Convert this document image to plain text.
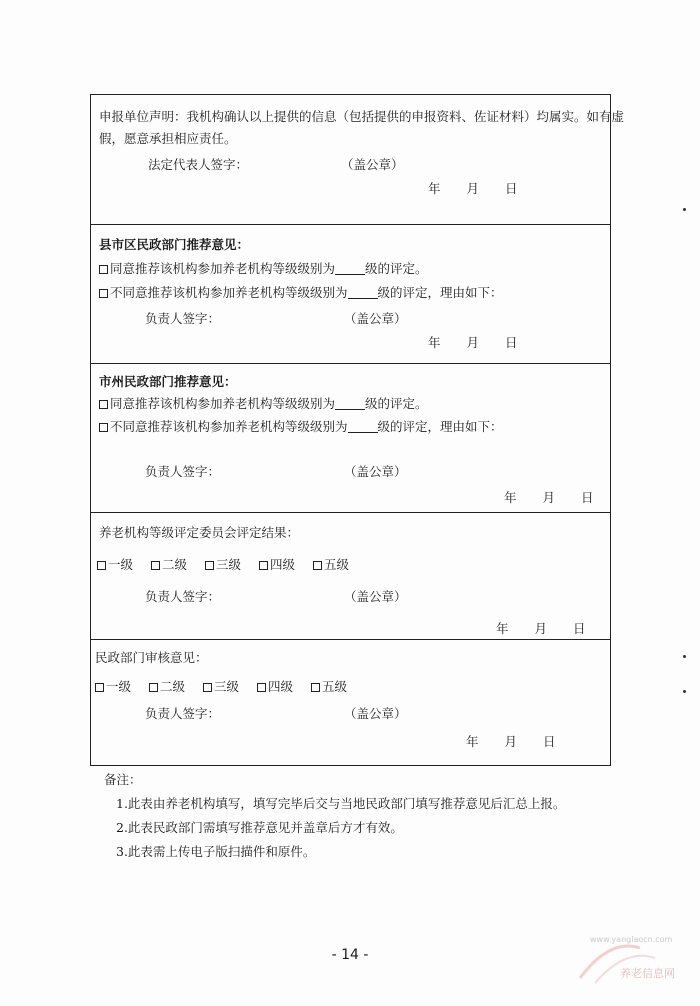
申报单位声明：我机构确认以上提供的信息（包括提供的申报资料、佐证材料）均属实。如有虚
假，愿意承担相应责任。
法定代表人签字：	（盖公章）
年 月 日
县市区民政部门推荐意见：
同意推荐该机构参加养老机构等级级别为 级的评定。
不同意推荐该机构参加养老机构等级级别为 级的评定，理由如下：
负责人签字：	（盖公章）
年 月 日
市州民政部门推荐意见：
同意推荐该机构参加养老机构等级级别为 级的评定。
不同意推荐该机构参加养老机构等级级别为 级的评定，理由如下：
负责人签字：	（盖公章）
年 月 日
养老机构等级评定委员会评定结果：
一级 二级 三级 四级 五级
负责人签字：	（盖公章）
年 月 日
民政部门审核意见：
一级 二级 三级 四级 五级
负责人签字：	（盖公章）
年 月 日
备注：
1.此表由养老机构填写，填写完毕后交与当地民政部门填写推荐意见后汇总上报。
2.此表民政部门需填写推荐意见并盖章后方才有效。
3.此表需上传电子版扫描件和原件。
- 14 -
www.yanglaocn.com
养老信息网
